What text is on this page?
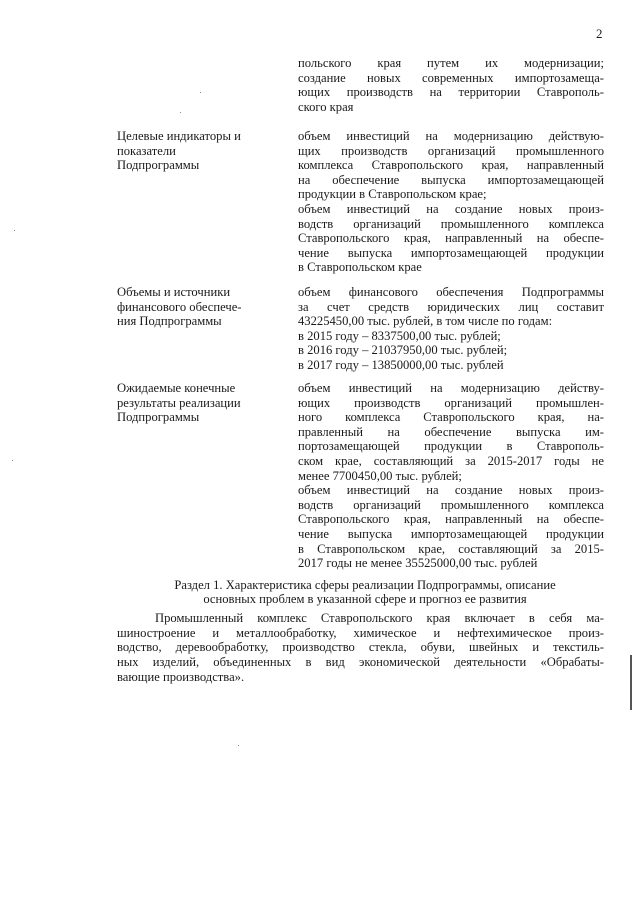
2
польского края путем их модернизации;
создание новых современных импортозамеща-
ющих производств на территории Ставрополь-
ского края
Целевые индикаторы и
показатели
Подпрограммы
объем инвестиций на модернизацию действую-
щих производств организаций промышленного
комплекса Ставропольского края, направленный
на обеспечение выпуска импортозамещающей
продукции в Ставропольском крае;
объем инвестиций на создание новых произ-
водств организаций промышленного комплекса
Ставропольского края, направленный на обеспе-
чение выпуска импортозамещающей продукции
в Ставропольском крае
Объемы и источники
финансового обеспече-
ния Подпрограммы
объем финансового обеспечения Подпрограммы
за счет средств юридических лиц составит
43225450,00 тыс. рублей, в том числе по годам:
в 2015 году – 8337500,00 тыс. рублей;
в 2016 году – 21037950,00 тыс. рублей;
в 2017 году – 13850000,00 тыс. рублей
Ожидаемые конечные
результаты реализации
Подпрограммы
объем инвестиций на модернизацию действу-
ющих производств организаций промышлен-
ного комплекса Ставропольского края, на-
правленный на обеспечение выпуска им-
портозамещающей продукции в Ставрополь-
ском крае, составляющий за 2015-2017 годы не
менее 7700450,00 тыс. рублей;
объем инвестиций на создание новых произ-
водств организаций промышленного комплекса
Ставропольского края, направленный на обеспе-
чение выпуска импортозамещающей продукции
в Ставропольском крае, составляющий за 2015-
2017 годы не менее 35525000,00 тыс. рублей
Раздел 1. Характеристика сферы реализации Подпрограммы, описание
основных проблем в указанной сфере и прогноз ее развития
Промышленный комплекс Ставропольского края включает в себя ма-
шиностроение и металлообработку, химическое и нефтехимическое произ-
водство, деревообработку, производство стекла, обуви, швейных и текстиль-
ных изделий, объединенных в вид экономической деятельности «Обрабаты-
вающие производства».
